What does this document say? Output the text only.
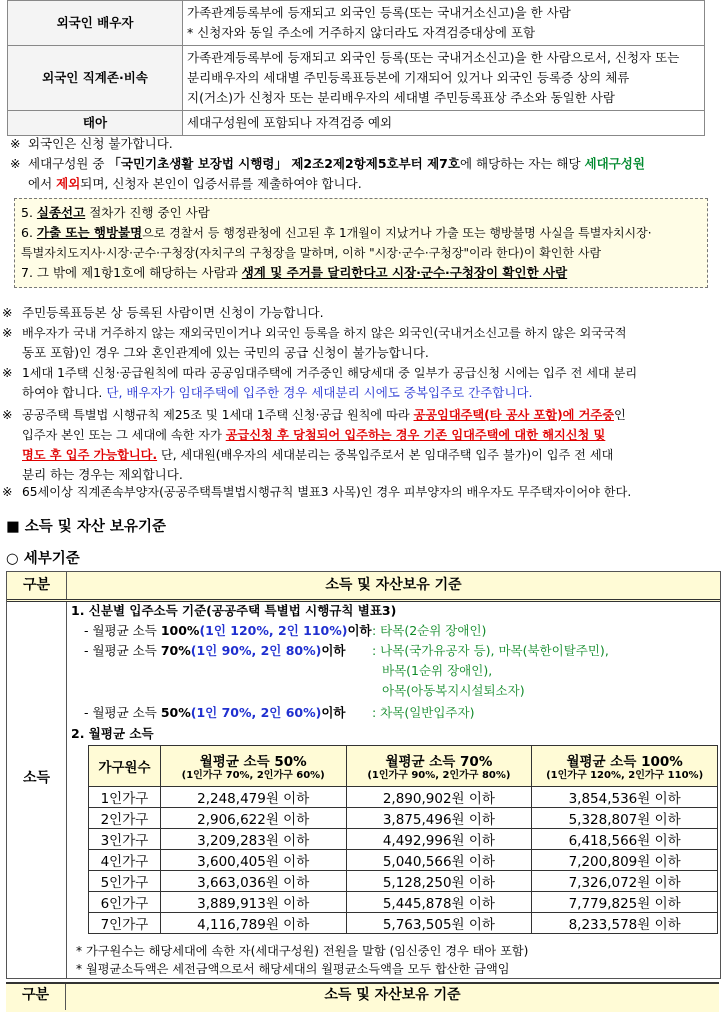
외국인 배우자	가족관계등록부에 등재되고 외국인 등록(또는 국내거소신고)을 한 사람
* 신청자와 동일 주소에 거주하지 않더라도 자격검증대상에 포함

외국인 직계존·비속	가족관계등록부에 등재되고 외국인 등록(또는 국내거소신고)을 한 사람으로서, 신청자 또는
분리배우자의 세대별 주민등록표등본에 기재되어 있거나 외국인 등록증 상의 체류
지(거소)가 신청자 또는 분리배우자의 세대별 주민등록표상 주소와 동일한 사람

태아	세대구성원에 포함되나 자격검증 예외
※ 외국인은 신청 불가합니다.
※ 세대구성원 중 「국민기초생활 보장법 시행령」 제2조2제2항제5호부터 제7호에 해당하는 자는 해당 세대구성원
에서 제외되며, 신청자 본인이 입증서류를 제출하여야 합니다.
5. 실종선고 절차가 진행 중인 사람
6. 가출 또는 행방불명으로 경찰서 등 행정관청에 신고된 후 1개월이 지났거나 가출 또는 행방불명 사실을 특별자치시장·
특별자치도지사·시장·군수·구청장(자치구의 구청장을 말하며, 이하 "시장·군수·구청장"이라 한다)이 확인한 사람
7. 그 밖에 제1항1호에 해당하는 사람과 생계 및 주거를 달리한다고 시장·군수·구청장이 확인한 사람
※ 주민등록표등본 상 등록된 사람이면 신청이 가능합니다.
※ 배우자가 국내 거주하지 않는 재외국민이거나 외국인 등록을 하지 않은 외국인(국내거소신고를 하지 않은 외국국적
동포 포함)인 경우 그와 혼인관계에 있는 국민의 공급 신청이 불가능합니다.
※ 1세대 1주택 신청·공급원칙에 따라 공공임대주택에 거주중인 해당세대 중 일부가 공급신청 시에는 입주 전 세대 분리
하여야 합니다. 단, 배우자가 임대주택에 입주한 경우 세대분리 시에도 중복입주로 간주합니다.
※ 공공주택 특별법 시행규칙 제25조 및 1세대 1주택 신청·공급 원칙에 따라 공공임대주택(타 공사 포함)에 거주중인
입주자 본인 또는 그 세대에 속한 자가 공급신청 후 당첨되어 입주하는 경우 기존 임대주택에 대한 해지신청 및
명도 후 입주 가능합니다. 단, 세대원(배우자의 세대분리는 중복입주로서 본 임대주택 입주 불가)이 입주 전 세대
분리 하는 경우는 제외합니다.
※ 65세이상 직계존속부양자(공공주택특별법시행규칙 별표3 사목)인 경우 피부양자의 배우자도 무주택자이어야 한다.
■ 소득 및 자산 보유기준
○ 세부기준
구분	소득 및 자산보유 기준
소득
1. 신분별 입주소득 기준(공공주택 특별법 시행규칙 별표3)
- 월평균 소득 100%(1인 120%, 2인 110%)이하 : 타목(2순위 장애인)
- 월평균 소득 70%(1인 90%, 2인 80%)이하 : 나목(국가유공자 등), 마목(북한이탈주민),
바목(1순위 장애인),
아목(아동복지시설퇴소자)
- 월평균 소득 50%(1인 70%, 2인 60%)이하 : 차목(일반입주자)
2. 월평균 소득
가구원수	월평균 소득 50%
(1인가구 70%, 2인가구 60%)	월평균 소득 70%
(1인가구 90%, 2인가구 80%)	월평균 소득 100%
(1인가구 120%, 2인가구 110%)

1인가구	2,248,479원 이하	2,890,902원 이하	3,854,536원 이하
2인가구	2,906,622원 이하	3,875,496원 이하	5,328,807원 이하
3인가구	3,209,283원 이하	4,492,996원 이하	6,418,566원 이하
4인가구	3,600,405원 이하	5,040,566원 이하	7,200,809원 이하
5인가구	3,663,036원 이하	5,128,250원 이하	7,326,072원 이하
6인가구	3,889,913원 이하	5,445,878원 이하	7,779,825원 이하
7인가구	4,116,789원 이하	5,763,505원 이하	8,233,578원 이하
* 가구원수는 해당세대에 속한 자(세대구성원) 전원을 말함 (임신중인 경우 태아 포함)
* 월평균소득액은 세전금액으로서 해당세대의 월평균소득액을 모두 합산한 금액임
구분	소득 및 자산보유 기준
